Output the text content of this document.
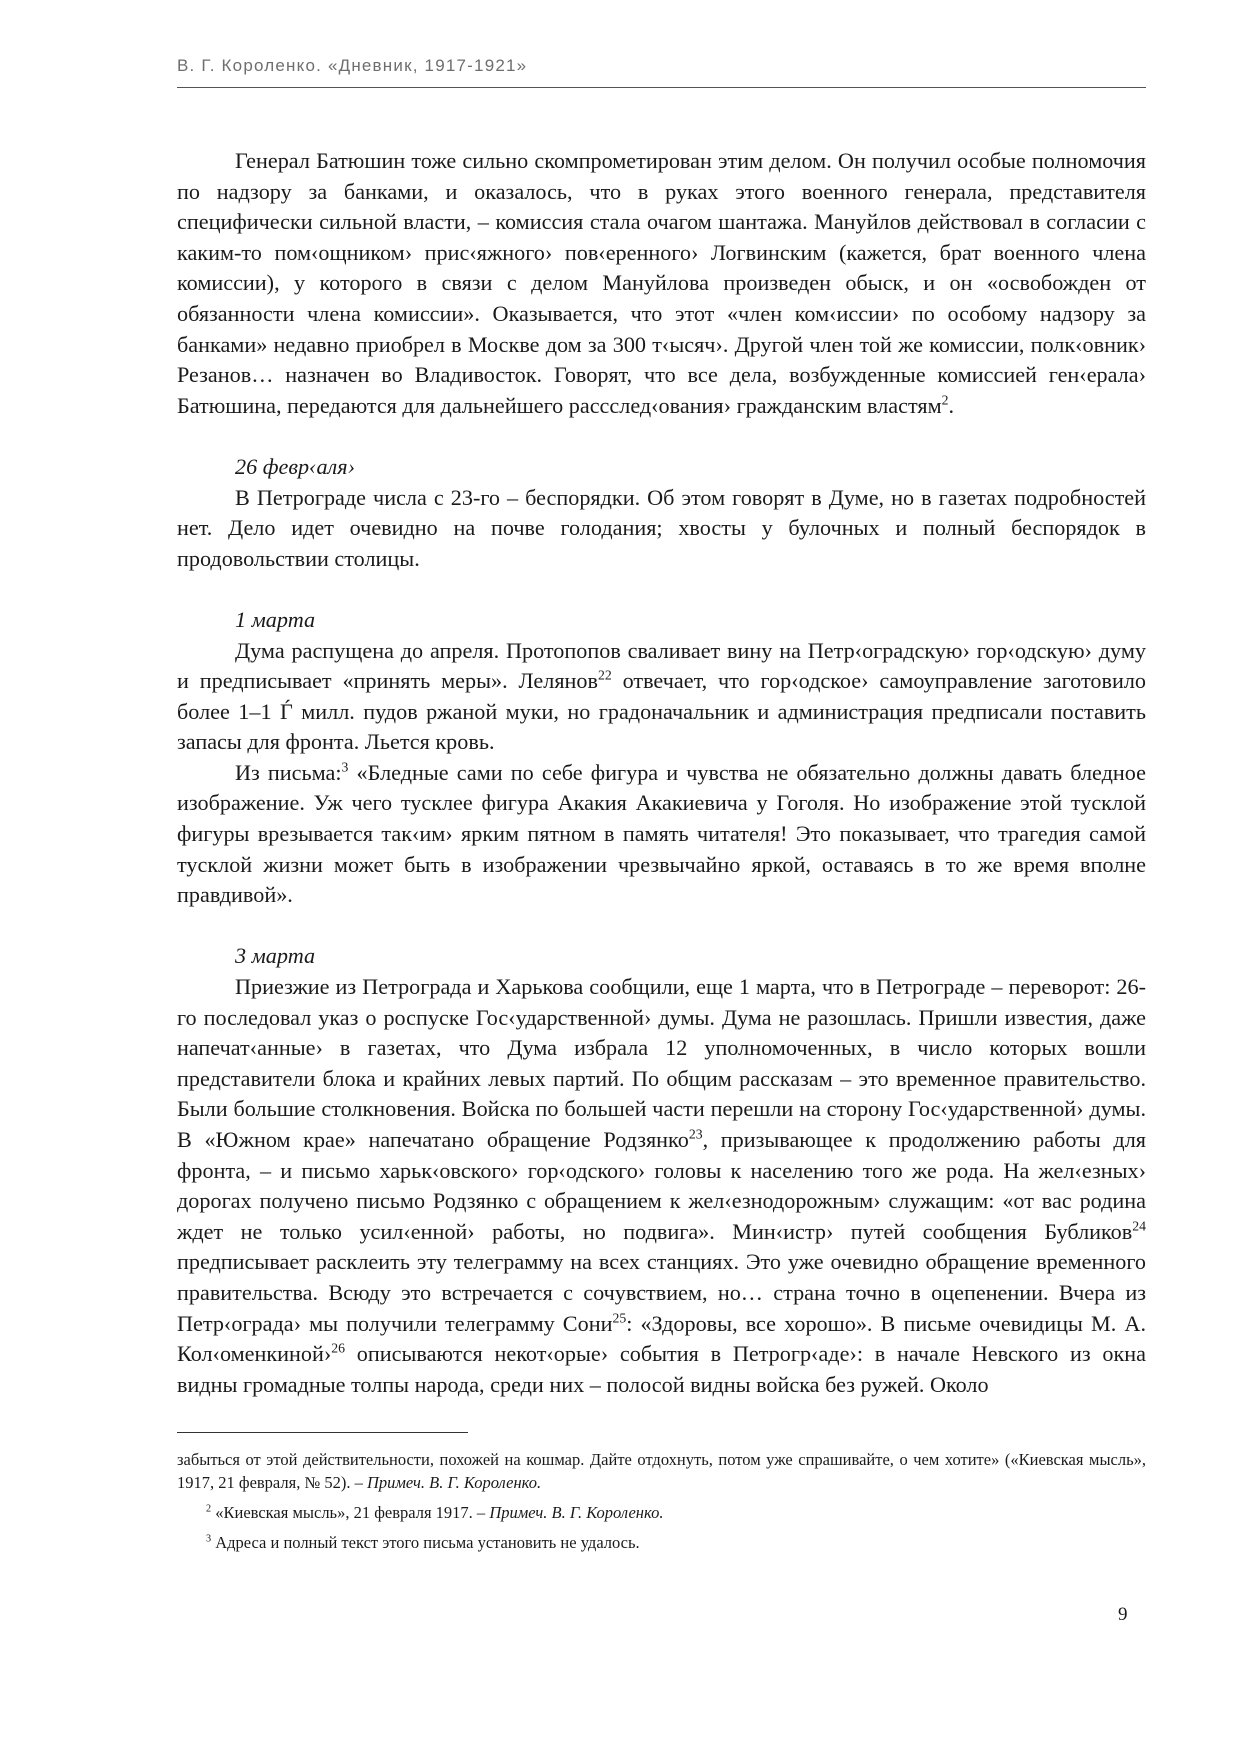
В. Г. Короленко. «Дневник, 1917-1921»

Генерал Батюшин тоже сильно скомпрометирован этим делом. Он получил особые полномочия по надзору за банками, и оказалось, что в руках этого военного генерала, представителя специфически сильной власти, – комиссия стала очагом шантажа. Мануйлов действовал в согласии с каким-то пом‹ощником› прис‹яжного› пов‹еренного› Логвинским (кажется, брат военного члена комиссии), у которого в связи с делом Мануйлова произведен обыск, и он «освобожден от обязанности члена комиссии». Оказывается, что этот «член ком‹иссии› по особому надзору за банками» недавно приобрел в Москве дом за 300 т‹ысяч›. Другой член той же комиссии, полк‹овник› Резанов… назначен во Владивосток. Говорят, что все дела, возбужденные комиссией ген‹ерала› Батюшина, передаются для дальнейшего рассслед‹ования› гражданским властям$^2$.

26 февр‹аля›

В Петрограде числа с 23-го – беспорядки. Об этом говорят в Думе, но в газетах подробностей нет. Дело идет очевидно на почве голодания; хвосты у булочных и полный беспорядок в продовольствии столицы.

1 марта

Дума распущена до апреля. Протопопов сваливает вину на Петр‹оградскую› гор‹одскую› думу и предписывает «принять меры». Лелянов$^{22}$ отвечает, что гор‹одское› самоуправление заготовило более 1–1 Ѓ милл. пудов ржаной муки, но градоначальник и администрация предписали поставить запасы для фронта. Льется кровь.

Из письма:$^3$ «Бледные сами по себе фигура и чувства не обязательно должны давать бледное изображение. Уж чего тусклее фигура Акакия Акакиевича у Гоголя. Но изображение этой тусклой фигуры врезывается так‹им› ярким пятном в память читателя! Это показывает, что трагедия самой тусклой жизни может быть в изображении чрезвычайно яркой, оставаясь в то же время вполне правдивой».

3 марта

Приезжие из Петрограда и Харькова сообщили, еще 1 марта, что в Петрограде – переворот: 26-го последовал указ о роспуске Гос‹ударственной› думы. Дума не разошлась. Пришли известия, даже напечат‹анные› в газетах, что Дума избрала 12 уполномоченных, в число которых вошли представители блока и крайних левых партий. По общим рассказам – это временное правительство. Были большие столкновения. Войска по большей части перешли на сторону Гос‹ударственной› думы. В «Южном крае» напечатано обращение Родзянко$^{23}$, призывающее к продолжению работы для фронта, – и письмо харьк‹овского› гор‹одского› головы к населению того же рода. На жел‹езных› дорогах получено письмо Родзянко с обращением к жел‹езнодорожным› служащим: «от вас родина ждет не только усил‹енной› работы, но подвига». Мин‹истр› путей сообщения Бубликов$^{24}$ предписывает расклеить эту телеграмму на всех станциях. Это уже очевидно обращение временного правительства. Всюду это встречается с сочувствием, но… страна точно в оцепенении. Вчера из Петр‹ограда› мы получили телеграмму Сони$^{25}$: «Здоровы, все хорошо». В письме очевидицы М. А. Кол‹оменкиной›$^{26}$ описываются некот‹орые› события в Петрогр‹аде›: в начале Невского из окна видны громадные толпы народа, среди них – полосой видны войска без ружей. Около

забыться от этой действительности, похожей на кошмар. Дайте отдохнуть, потом уже спрашивайте, о чем хотите» («Киевская мысль», 1917, 21 февраля, № 52). – Примеч. В. Г. Короленко.

$^2$ «Киевская мысль», 21 февраля 1917. – Примеч. В. Г. Короленко.

$^3$ Адреса и полный текст этого письма установить не удалось.

9
